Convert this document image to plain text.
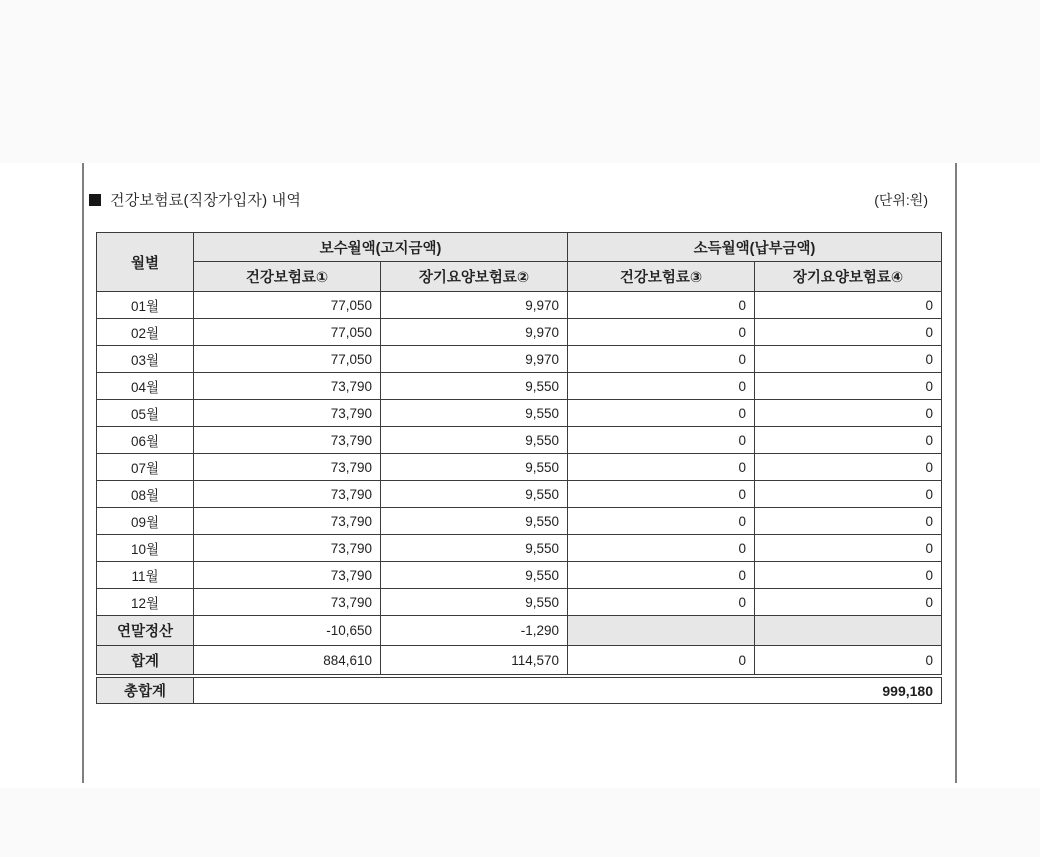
건강보험료(직장가입자) 내역	(단위:원)
월별	보수월액(고지금액)		소득월액(납부금액)	
	건강보험료①	장기요양보험료②	건강보험료③	장기요양보험료④
01월	77,050	9,970	0	0
02월	77,050	9,970	0	0
03월	77,050	9,970	0	0
04월	73,790	9,550	0	0
05월	73,790	9,550	0	0
06월	73,790	9,550	0	0
07월	73,790	9,550	0	0
08월	73,790	9,550	0	0
09월	73,790	9,550	0	0
10월	73,790	9,550	0	0
11월	73,790	9,550	0	0
12월	73,790	9,550	0	0
연말정산	-10,650	-1,290		
합계	884,610	114,570	0	0
총합계	999,180
